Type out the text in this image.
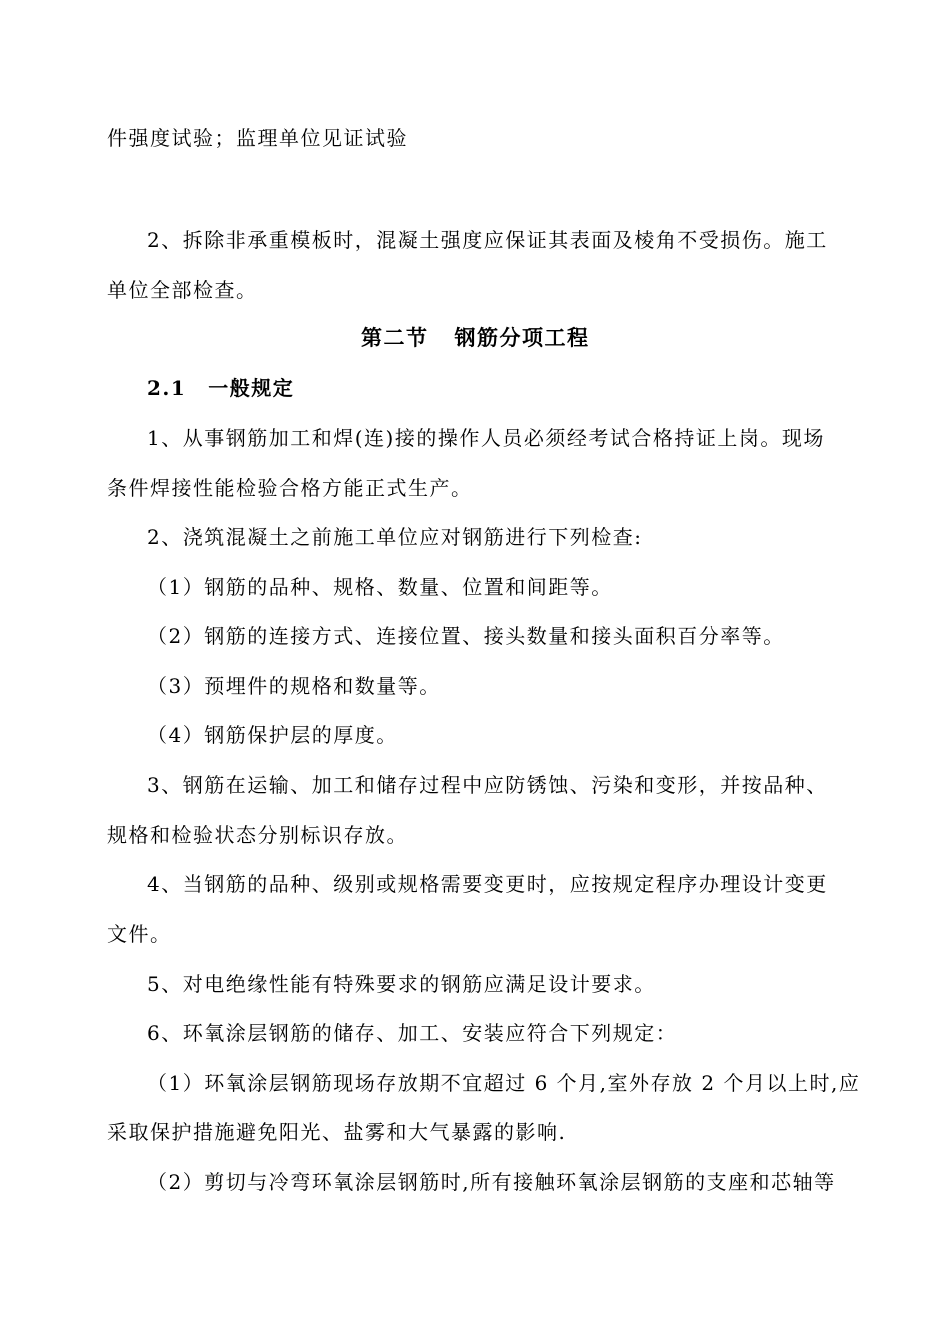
件强度试验；监理单位见证试验
2、拆除非承重模板时，混凝土强度应保证其表面及棱角不受损伤。施工
单位全部检查。
第二节 钢筋分项工程
2.1 一般规定
1、从事钢筋加工和焊(连)接的操作人员必须经考试合格持证上岗。现场
条件焊接性能检验合格方能正式生产。
2、浇筑混凝土之前施工单位应对钢筋进行下列检查:
（1）钢筋的品种、规格、数量、位置和间距等。
（2）钢筋的连接方式、连接位置、接头数量和接头面积百分率等。
（3）预埋件的规格和数量等。
（4）钢筋保护层的厚度。
3、钢筋在运输、加工和储存过程中应防锈蚀、污染和变形，并按品种、
规格和检验状态分别标识存放。
4、当钢筋的品种、级别或规格需要变更时，应按规定程序办理设计变更
文件。
5、对电绝缘性能有特殊要求的钢筋应满足设计要求。
6、环氧涂层钢筋的储存、加工、安装应符合下列规定：
（1）环氧涂层钢筋现场存放期不宜超过 6 个月,室外存放 2 个月以上时,应
采取保护措施避免阳光、盐雾和大气暴露的影响.
（2）剪切与冷弯环氧涂层钢筋时,所有接触环氧涂层钢筋的支座和芯轴等
